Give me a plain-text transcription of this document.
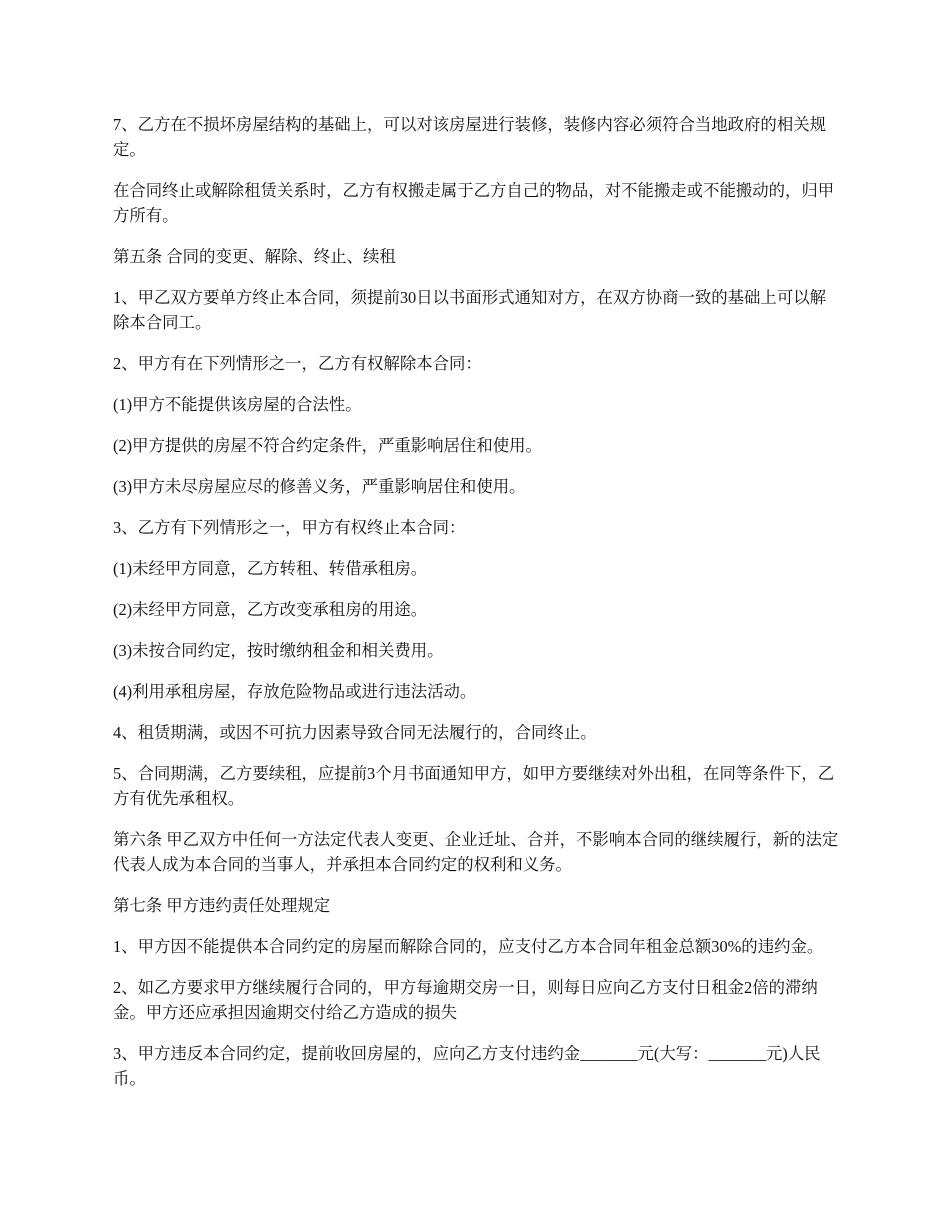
7、乙方在不损坏房屋结构的基础上，可以对该房屋进行装修，装修内容必须符合当地政府的相关规定。

在合同终止或解除租赁关系时，乙方有权搬走属于乙方自己的物品，对不能搬走或不能搬动的，归甲方所有。

第五条 合同的变更、解除、终止、续租

1、甲乙双方要单方终止本合同，须提前30日以书面形式通知对方，在双方协商一致的基础上可以解除本合同工。

2、甲方有在下列情形之一，乙方有权解除本合同：

(1)甲方不能提供该房屋的合法性。

(2)甲方提供的房屋不符合约定条件，严重影响居住和使用。

(3)甲方未尽房屋应尽的修善义务，严重影响居住和使用。

3、乙方有下列情形之一，甲方有权终止本合同：

(1)未经甲方同意，乙方转租、转借承租房。

(2)未经甲方同意，乙方改变承租房的用途。

(3)未按合同约定，按时缴纳租金和相关费用。

(4)利用承租房屋，存放危险物品或进行违法活动。

4、租赁期满，或因不可抗力因素导致合同无法履行的，合同终止。

5、合同期满，乙方要续租，应提前3个月书面通知甲方，如甲方要继续对外出租，在同等条件下，乙方有优先承租权。

第六条 甲乙双方中任何一方法定代表人变更、企业迁址、合并，不影响本合同的继续履行，新的法定代表人成为本合同的当事人，并承担本合同约定的权利和义务。

第七条 甲方违约责任处理规定

1、甲方因不能提供本合同约定的房屋而解除合同的，应支付乙方本合同年租金总额30%的违约金。

2、如乙方要求甲方继续履行合同的，甲方每逾期交房一日，则每日应向乙方支付日租金2倍的滞纳金。甲方还应承担因逾期交付给乙方造成的损失

3、甲方违反本合同约定，提前收回房屋的，应向乙方支付违约金_______元(大写：_______元)人民币。
